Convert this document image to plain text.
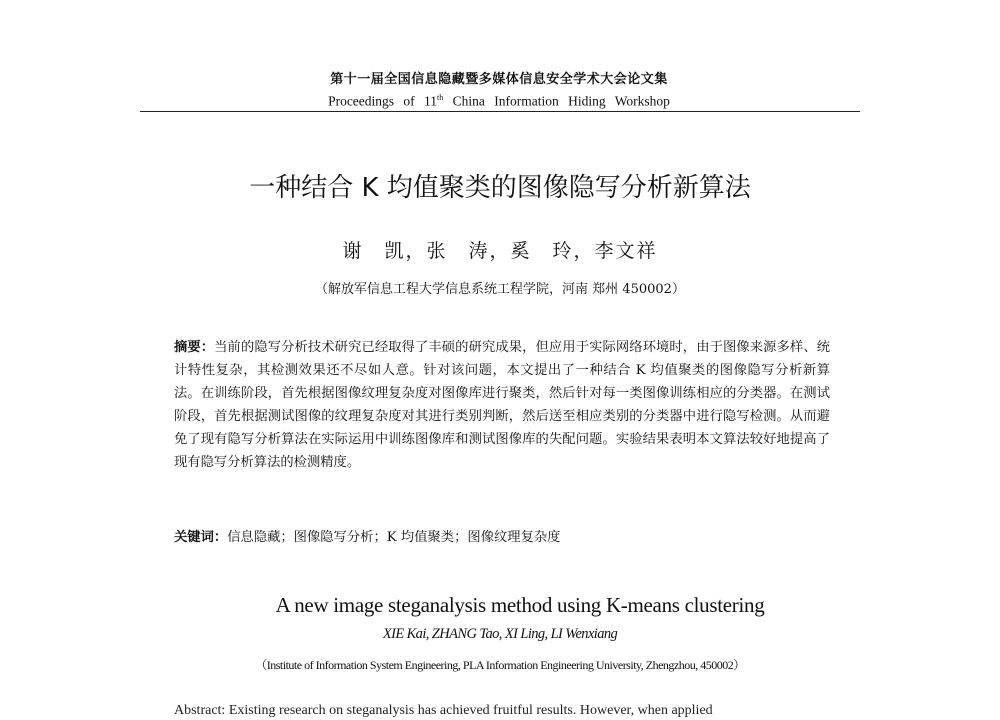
第十一届全国信息隐藏暨多媒体信息安全学术大会论文集
Proceedings of 11th China Information Hiding Workshop
一种结合 K 均值聚类的图像隐写分析新算法
谢　凯，张　涛，奚　玲，李文祥
（解放军信息工程大学信息系统工程学院，河南 郑州 450002）
摘要：当前的隐写分析技术研究已经取得了丰硕的研究成果，但应用于实际网络环境时，由于图像来源多样、统计特性复杂，其检测效果还不尽如人意。针对该问题，本文提出了一种结合 K 均值聚类的图像隐写分析新算法。在训练阶段，首先根据图像纹理复杂度对图像库进行聚类，然后针对每一类图像训练相应的分类器。在测试阶段，首先根据测试图像的纹理复杂度对其进行类别判断，然后送至相应类别的分类器中进行隐写检测。从而避免了现有隐写分析算法在实际运用中训练图像库和测试图像库的失配问题。实验结果表明本文算法较好地提高了现有隐写分析算法的检测精度。
关键词：信息隐藏；图像隐写分析；K 均值聚类；图像纹理复杂度
A new image steganalysis method using K-means clustering
XIE Kai, ZHANG Tao, XI Ling, LI Wenxiang
（Institute of Information System Engineering, PLA Information Engineering University, Zhengzhou, 450002）
Abstract: Existing research on steganalysis has achieved fruitful results. However, when applied
